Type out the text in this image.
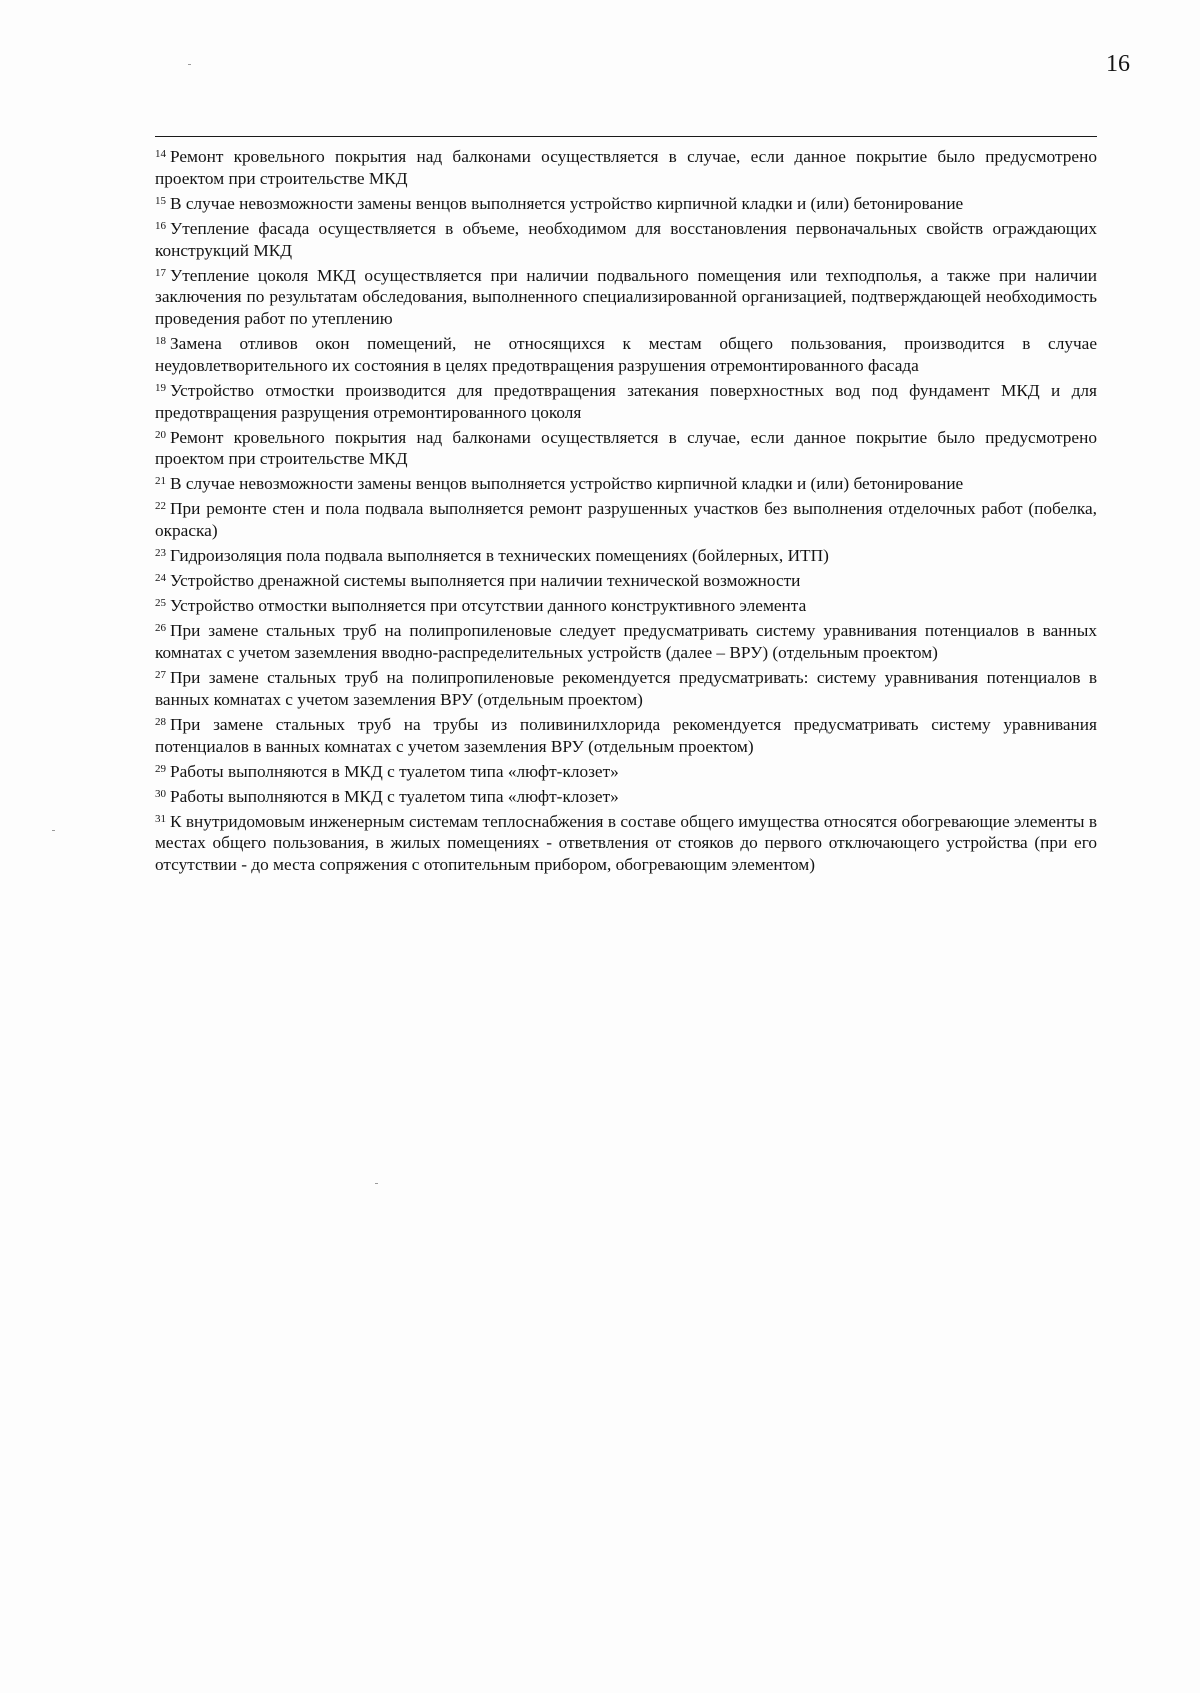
16

$^{14}$ Ремонт кровельного покрытия над балконами осуществляется в случае, если данное покрытие было предусмотрено проектом при строительстве МКД

$^{15}$ В случае невозможности замены венцов выполняется устройство кирпичной кладки и (или) бетонирование

$^{16}$ Утепление фасада осуществляется в объеме, необходимом для восстановления первоначальных свойств ограждающих конструкций МКД

$^{17}$ Утепление цоколя МКД осуществляется при наличии подвального помещения или техподполья, а также при наличии заключения по результатам обследования, выполненного специализированной организацией, подтверждающей необходимость проведения работ по утеплению

$^{18}$ Замена отливов окон помещений, не относящихся к местам общего пользования, производится в случае неудовлетворительного их состояния в целях предотвращения разрушения отремонтированного фасада

$^{19}$ Устройство отмостки производится для предотвращения затекания поверхностных вод под фундамент МКД и для предотвращения разрущения отремонтированного цоколя

$^{20}$ Ремонт кровельного покрытия над балконами осуществляется в случае, если данное покрытие было предусмотрено проектом при строительстве МКД

$^{21}$ В случае невозможности замены венцов выполняется устройство кирпичной кладки и (или) бетонирование

$^{22}$ При ремонте стен и пола подвала выполняется ремонт разрушенных участков без выполнения отделочных работ (побелка, окраска)

$^{23}$ Гидроизоляция пола подвала выполняется в технических помещениях (бойлерных, ИТП)

$^{24}$ Устройство дренажной системы выполняется при наличии технической возможности

$^{25}$ Устройство отмостки выполняется при отсутствии данного конструктивного элемента

$^{26}$ При замене стальных труб на полипропиленовые следует предусматривать систему уравнивания потенциалов в ванных комнатах с учетом заземления вводно-распределительных устройств (далее – ВРУ) (отдельным проектом)

$^{27}$ При замене стальных труб на полипропиленовые рекомендуется предусматривать: систему уравнивания потенциалов в ванных комнатах с учетом заземления ВРУ (отдельным проектом)

$^{28}$ При замене стальных труб на трубы из поливинилхлорида рекомендуется предусматривать систему уравнивания потенциалов в ванных комнатах с учетом заземления ВРУ (отдельным проектом)

$^{29}$ Работы выполняются в МКД с туалетом типа «люфт-клозет»

$^{30}$ Работы выполняются в МКД с туалетом типа «люфт-клозет»

$^{31}$ К внутридомовым инженерным системам теплоснабжения в составе общего имущества относятся обогревающие элементы в местах общего пользования, в жилых помещениях - ответвления от стояков до первого отключающего устройства (при его отсутствии - до места сопряжения с отопительным прибором, обогревающим элементом)
